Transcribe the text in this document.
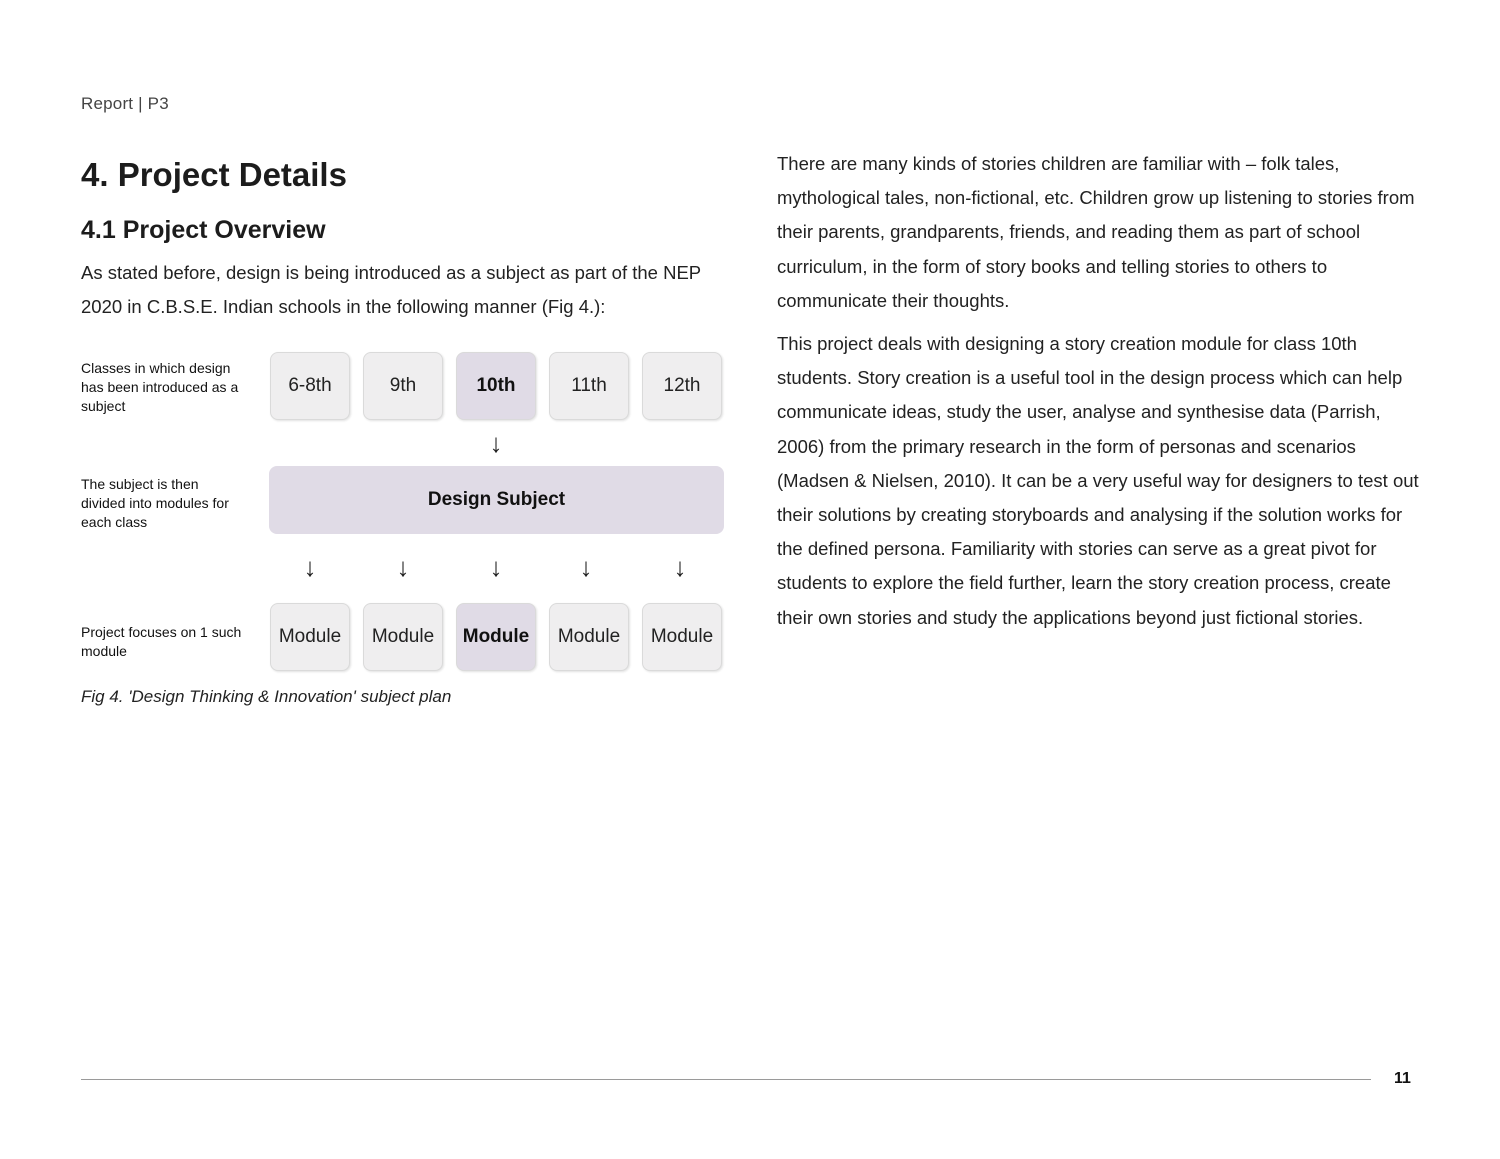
Report | P3
4. Project Details
4.1 Project Overview

As stated before, design is being introduced as a subject as part of the NEP 2020 in C.B.S.E. Indian schools in the following manner (Fig 4.):

Classes in which design has been introduced as a subject
The subject is then divided into modules for each class
Project focuses on 1 such module
6-8th	9th	10th	11th	12th
↓
Design Subject
↓	↓	↓	↓	↓
Module	Module	Module	Module	Module

Fig 4. 'Design Thinking & Innovation' subject plan

There are many kinds of stories children are familiar with – folk tales, mythological tales, non-fictional, etc. Children grow up listening to stories from their parents, grandparents, friends, and reading them as part of school curriculum, in the form of story books and telling stories to others to communicate their thoughts.

This project deals with designing a story creation module for class 10th students. Story creation is a useful tool in the design process which can help communicate ideas, study the user, analyse and synthesise data (Parrish, 2006) from the primary research in the form of personas and scenarios (Madsen & Nielsen, 2010). It can be a very useful way for designers to test out their solutions by creating storyboards and analysing if the solution works for the defined persona. Familiarity with stories can serve as a great pivot for students to explore the field further, learn the story creation process, create their own stories and study the applications beyond just fictional stories.

11
